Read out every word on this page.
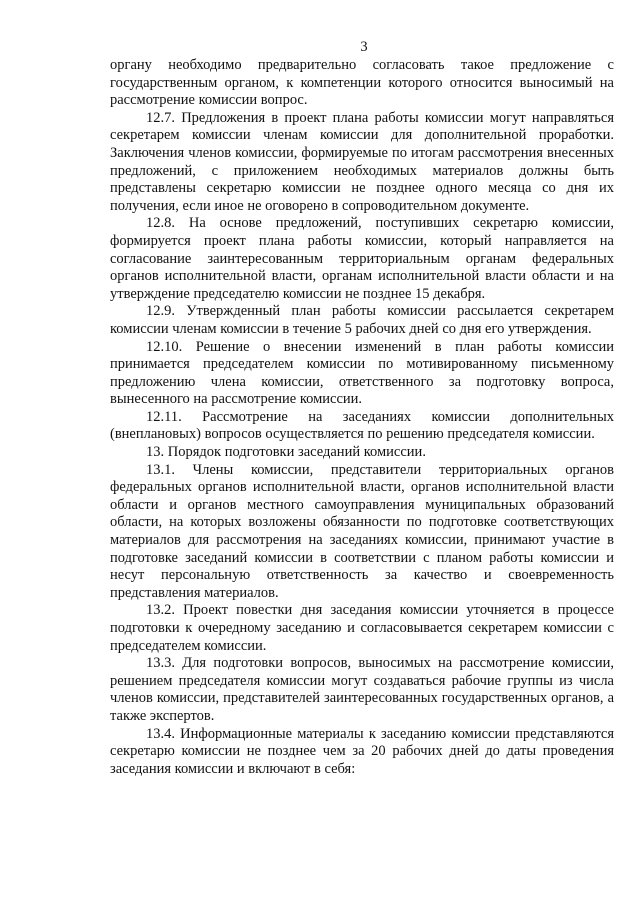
3

органу необходимо предварительно согласовать такое предложение с государственным органом, к компетенции которого относится выносимый на рассмотрение комиссии вопрос.

12.7. Предложения в проект плана работы комиссии могут направляться секретарем комиссии членам комиссии для дополнительной проработки. Заключения членов комиссии, формируемые по итогам рассмотрения внесенных предложений, с приложением необходимых материалов должны быть представлены секретарю комиссии не позднее одного месяца со дня их получения, если иное не оговорено в сопроводительном документе.

12.8. На основе предложений, поступивших секретарю комиссии, формируется проект плана работы комиссии, который направляется на согласование заинтересованным территориальным органам федеральных органов исполнительной власти, органам исполнительной власти области и на утверждение председателю комиссии не позднее 15 декабря.

12.9. Утвержденный план работы комиссии рассылается секретарем комиссии членам комиссии в течение 5 рабочих дней со дня его утверждения.

12.10. Решение о внесении изменений в план работы комиссии принимается председателем комиссии по мотивированному письменному предложению члена комиссии, ответственного за подготовку вопроса, вынесенного на рассмотрение комиссии.

12.11. Рассмотрение на заседаниях комиссии дополнительных (внеплановых) вопросов осуществляется по решению председателя комиссии.

13. Порядок подготовки заседаний комиссии.

13.1. Члены комиссии, представители территориальных органов федеральных органов исполнительной власти, органов исполнительной власти области и органов местного самоуправления муниципальных образований области, на которых возложены обязанности по подготовке соответствующих материалов для рассмотрения на заседаниях комиссии, принимают участие в подготовке заседаний комиссии в соответствии с планом работы комиссии и несут персональную ответственность за качество и своевременность представления материалов.

13.2. Проект повестки дня заседания комиссии уточняется в процессе подготовки к очередному заседанию и согласовывается секретарем комиссии с председателем комиссии.

13.3. Для подготовки вопросов, выносимых на рассмотрение комиссии, решением председателя комиссии могут создаваться рабочие группы из числа членов комиссии, представителей заинтересованных государственных органов, а также экспертов.

13.4. Информационные материалы к заседанию комиссии представляются секретарю комиссии не позднее чем за 20 рабочих дней до даты проведения заседания комиссии и включают в себя:
